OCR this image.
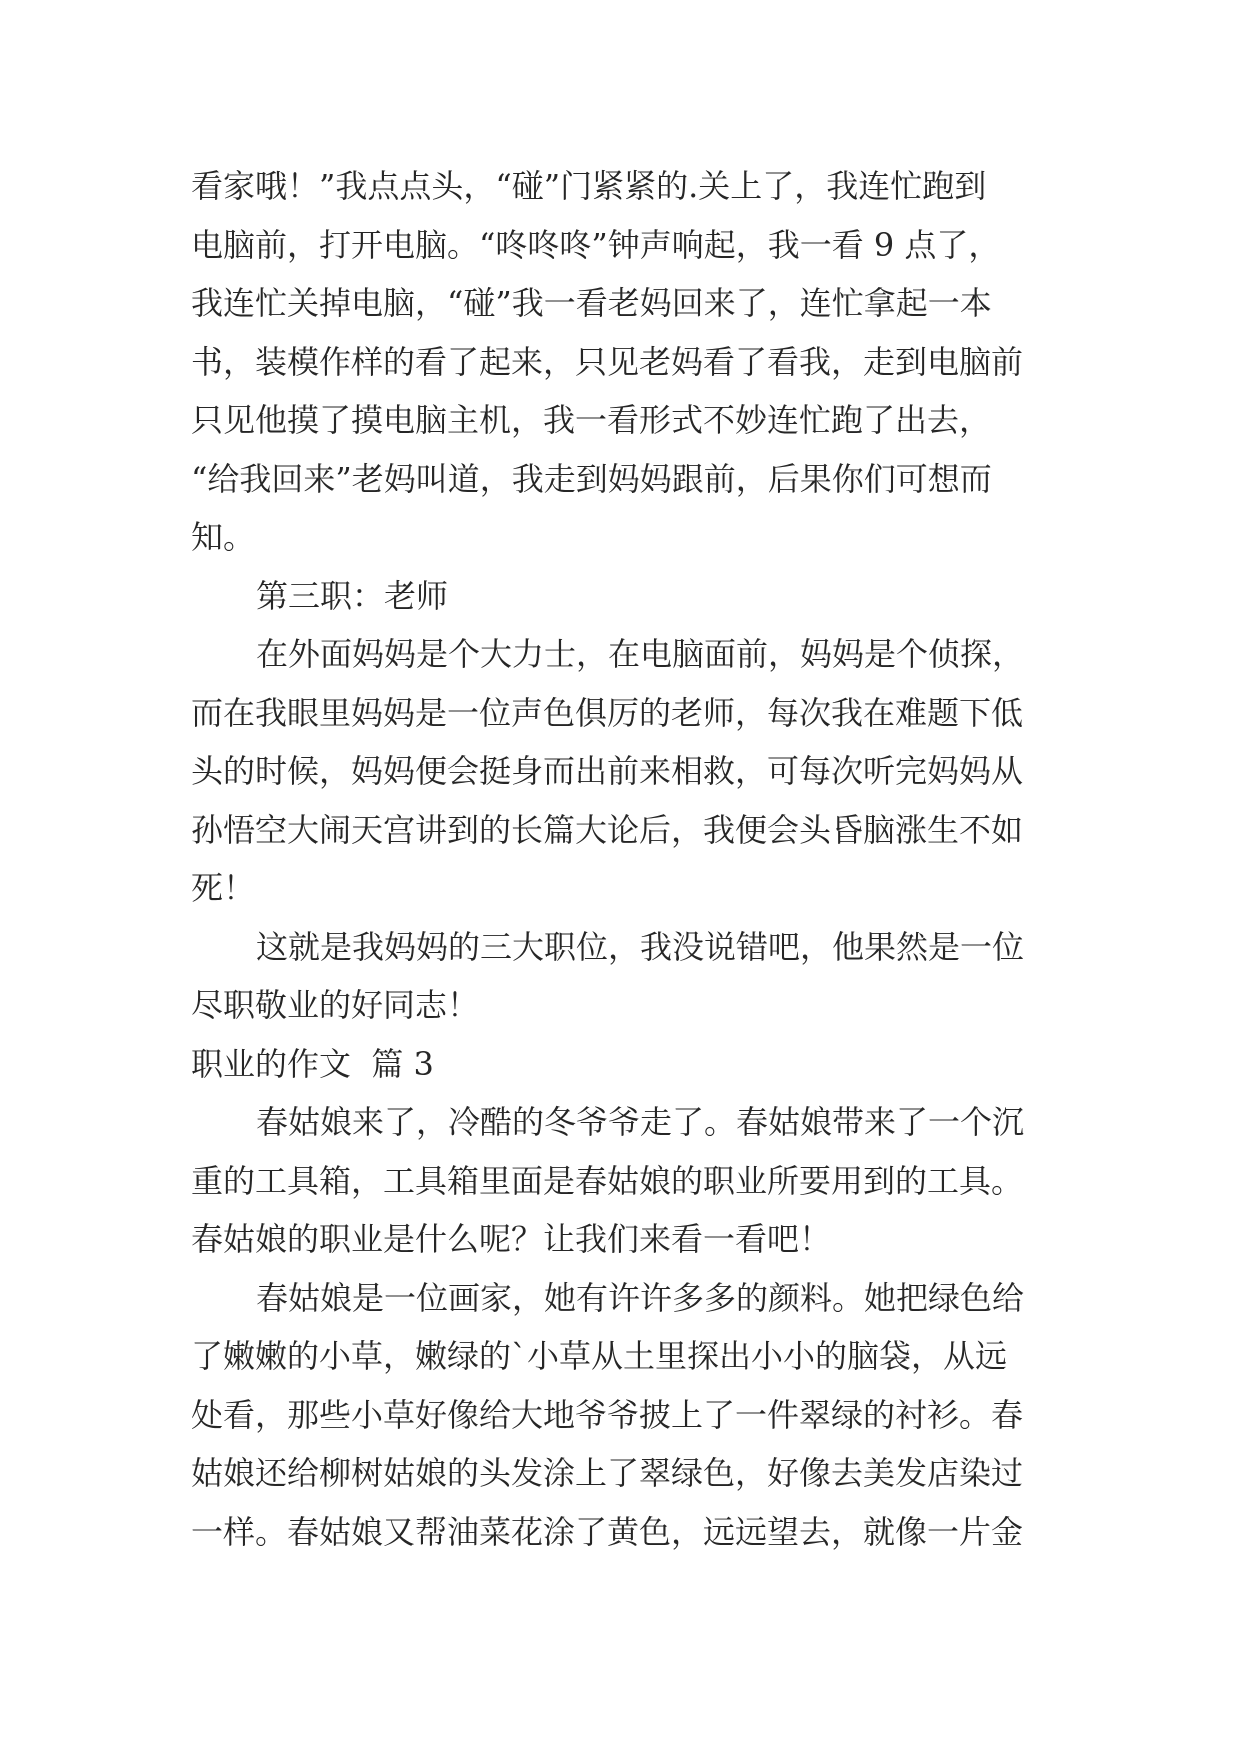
看家哦！”我点点头，“碰”门紧紧的.关上了，我连忙跑到

电脑前，打开电脑。“咚咚咚”钟声响起，我一看 9 点了，

我连忙关掉电脑，“碰”我一看老妈回来了，连忙拿起一本

书，装模作样的看了起来，只见老妈看了看我，走到电脑前

只见他摸了摸电脑主机，我一看形式不妙连忙跑了出去，

“给我回来”老妈叫道，我走到妈妈跟前，后果你们可想而

知。

第三职：老师

在外面妈妈是个大力士，在电脑面前，妈妈是个侦探，

而在我眼里妈妈是一位声色俱厉的老师，每次我在难题下低

头的时候，妈妈便会挺身而出前来相救，可每次听完妈妈从

孙悟空大闹天宫讲到的长篇大论后，我便会头昏脑涨生不如

死！

这就是我妈妈的三大职位，我没说错吧，他果然是一位

尽职敬业的好同志！

职业的作文  篇 3

春姑娘来了，冷酷的冬爷爷走了。春姑娘带来了一个沉

重的工具箱，工具箱里面是春姑娘的职业所要用到的工具。

春姑娘的职业是什么呢？让我们来看一看吧！

春姑娘是一位画家，她有许许多多的颜料。她把绿色给

了嫩嫩的小草，嫩绿的`小草从土里探出小小的脑袋，从远

处看，那些小草好像给大地爷爷披上了一件翠绿的衬衫。春

姑娘还给柳树姑娘的头发涂上了翠绿色，好像去美发店染过

一样。春姑娘又帮油菜花涂了黄色，远远望去，就像一片金
